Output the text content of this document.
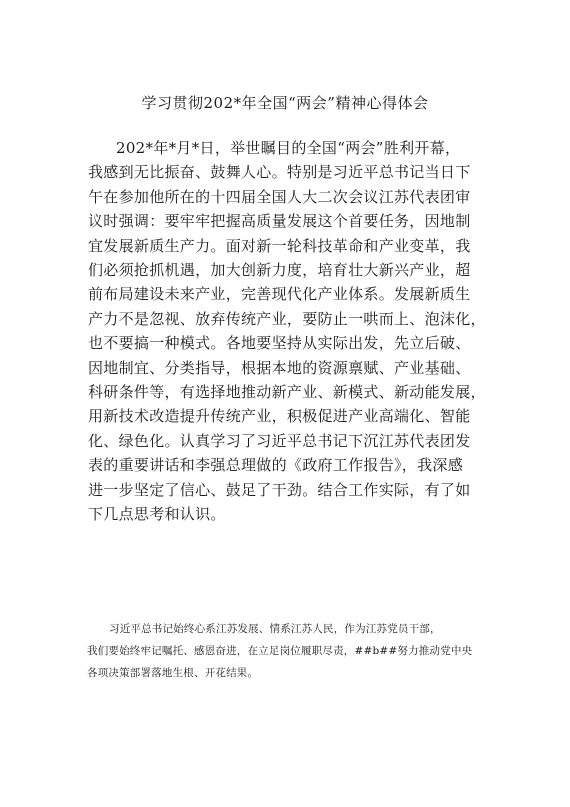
学习贯彻202*年全国“两会”精神心得体会

202*年*月*日，举世瞩目的全国“两会”胜利开幕，
我感到无比振奋、鼓舞人心。特别是习近平总书记当日下
午在参加他所在的十四届全国人大二次会议江苏代表团审
议时强调：要牢牢把握高质量发展这个首要任务，因地制
宜发展新质生产力。面对新一轮科技革命和产业变革，我
们必须抢抓机遇，加大创新力度，培育壮大新兴产业，超
前布局建设未来产业，完善现代化产业体系。发展新质生
产力不是忽视、放弃传统产业，要防止一哄而上、泡沫化，
也不要搞一种模式。各地要坚持从实际出发，先立后破、
因地制宜、分类指导，根据本地的资源禀赋、产业基础、
科研条件等，有选择地推动新产业、新模式、新动能发展，
用新技术改造提升传统产业，积极促进产业高端化、智能
化、绿色化。认真学习了习近平总书记下沉江苏代表团发
表的重要讲话和李强总理做的《政府工作报告》，我深感
进一步坚定了信心、鼓足了干劲。结合工作实际，有了如
下几点思考和认识。

习近平总书记始终心系江苏发展、情系江苏人民，作为江苏党员干部，
我们要始终牢记嘱托、感恩奋进，在立足岗位履职尽责，##b##努力推动党中央
各项决策部署落地生根、开花结果。
